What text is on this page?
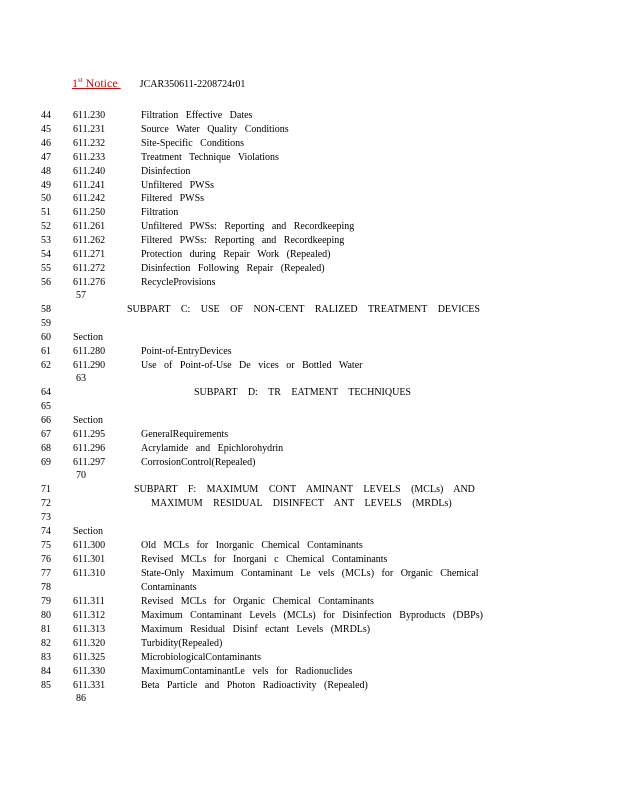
1st Notice JCAR350611-2208724r01
44 611.230	Filtration Effective Dates
45 611.231	Source Water Quality Conditions
46 611.232	Site-Specific Conditions
47 611.233	Treatment Technique Violations
48 611.240	Disinfection
49 611.241	Unfiltered PWSs
50 611.242	Filtered PWSs
51 611.250	Filtration
52 611.261	Unfiltered PWSs: Reporting and Recordkeeping
53 611.262	Filtered PWSs: Reporting and Recordkeeping
54 611.271	Protection during Repair Work (Repealed)
55 611.272	Disinfection Following Repair (Repealed)
56 611.276	RecycleProvisions
57
58	SUBPART C: USE OF NON-CENT RALIZED TREATMENT DEVICES
59
60 Section
61 611.280	Point-of-EntryDevices
62 611.290	Use of Point-of-Use De vices or Bottled Water
63
64	SUBPART D: TR EATMENT TECHNIQUES
65
66 Section
67 611.295	GeneralRequirements
68 611.296	Acrylamide and Epichlorohydrin
69 611.297	CorrosionControl(Repealed)
70
71	SUBPART F: MAXIMUM CONT AMINANT LEVELS (MCLs) AND
72	MAXIMUM RESIDUAL DISINFECT ANT LEVELS (MRDLs)
73
74 Section
75 611.300	Old MCLs for Inorganic Chemical Contaminants
76 611.301	Revised MCLs for Inorgani c Chemical Contaminants
77 611.310	State-Only Maximum Contaminant Le vels (MCLs) for Organic Chemical
78	Contaminants
79 611.311	Revised MCLs for Organic Chemical Contaminants
80 611.312	Maximum Contaminant Levels (MCLs) for Disinfection Byproducts (DBPs)
81 611.313	Maximum Residual Disinf ectant Levels (MRDLs)
82 611.320	Turbidity(Repealed)
83 611.325	MicrobiologicalContaminants
84 611.330	MaximumContaminantLe vels for Radionuclides
85 611.331	Beta Particle and Photon Radioactivity (Repealed)
86
